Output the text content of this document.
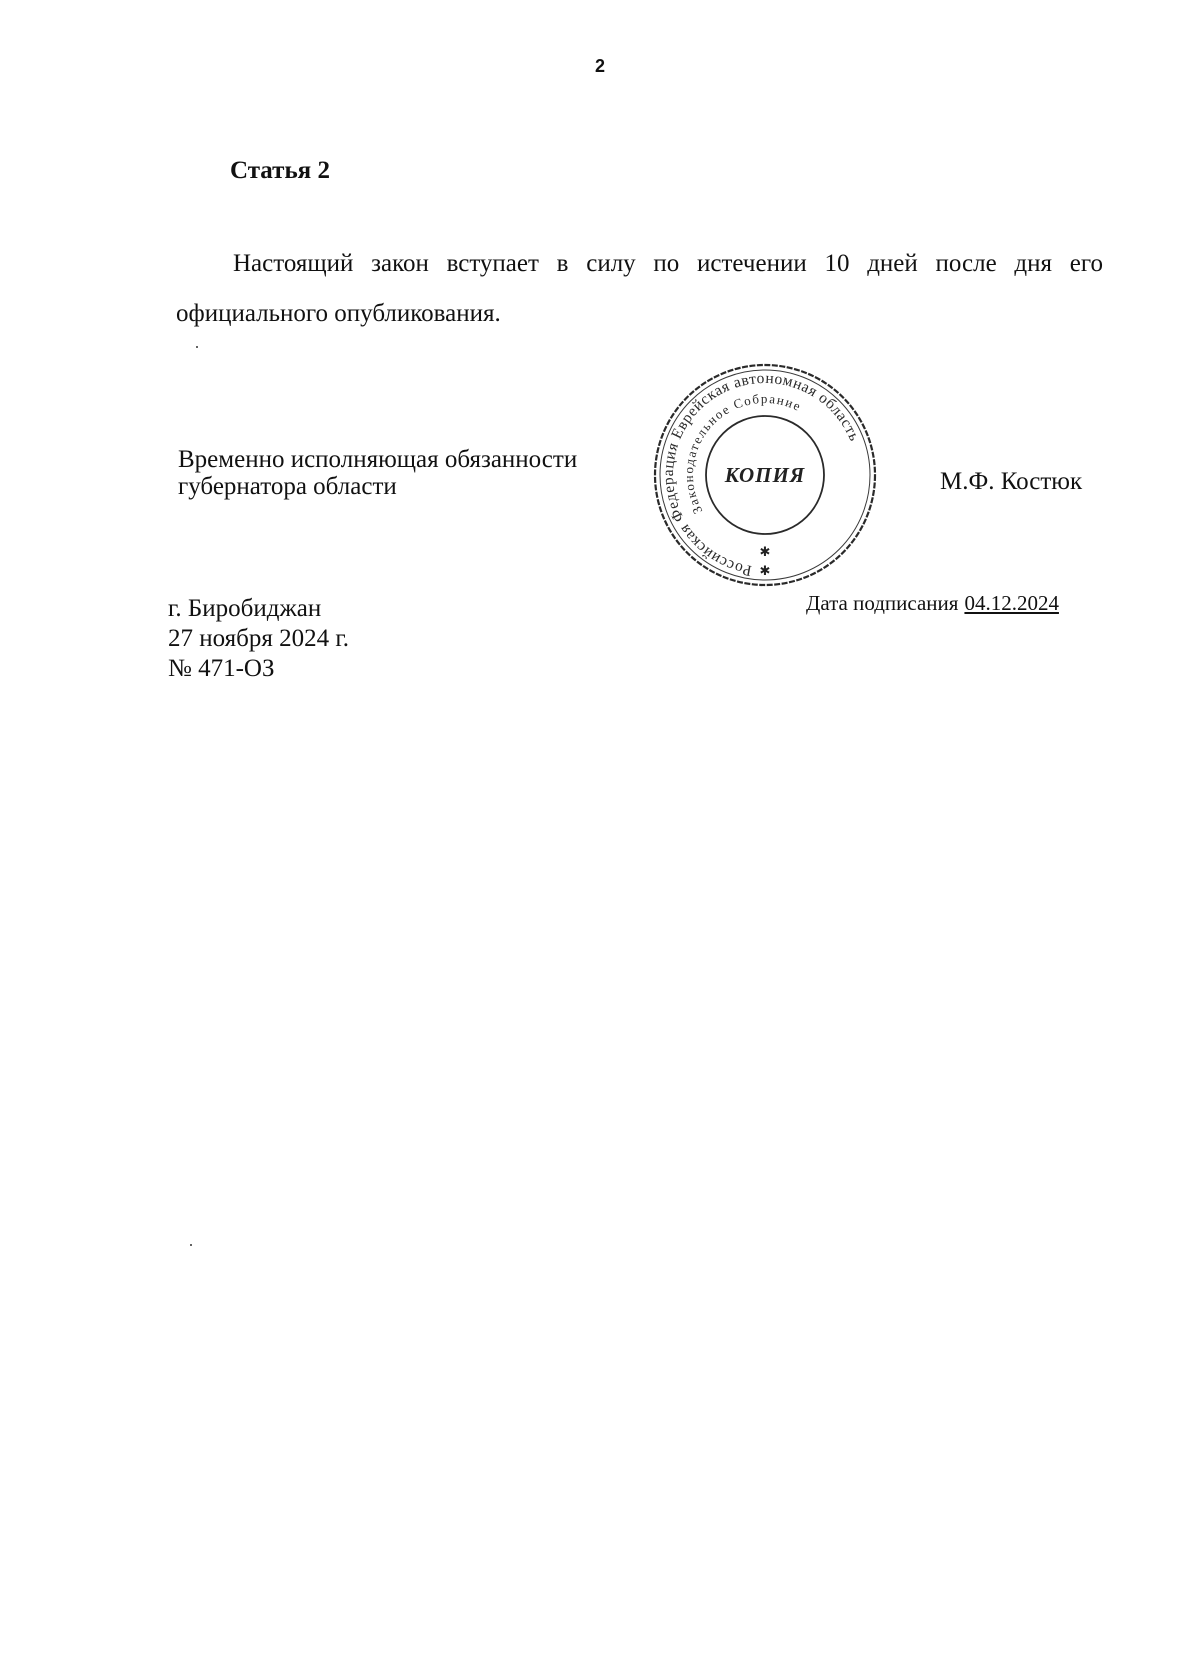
2
Статья 2
Настоящий закон вступает в силу по истечении 10 дней после дня его
официального опубликования.
Временно исполняющая обязанности
губернатора области
Российская Федерация Еврейская автономная область
Законодательное Собрание
КОПИЯ
✱
✱
М.Ф. Костюк
г. Биробиджан
27 ноября 2024 г.
№ 471-ОЗ
Дата подписания 04.12.2024
